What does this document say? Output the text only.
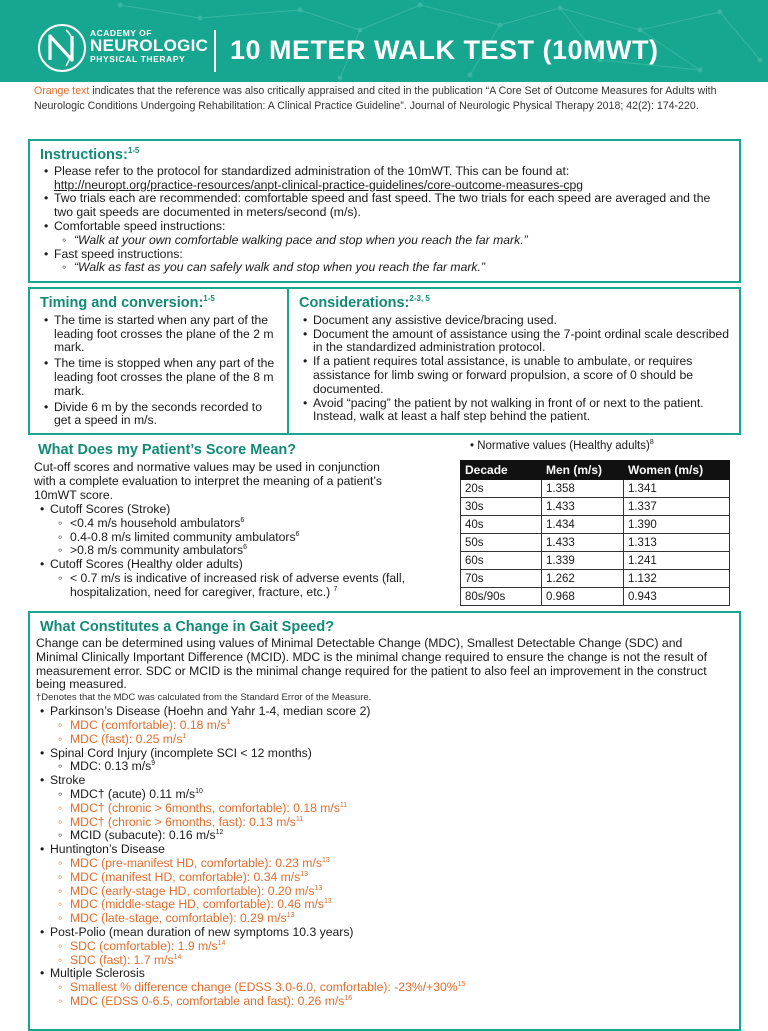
ACADEMY OF
NEUROLOGIC
PHYSICAL THERAPY	10 METER WALK TEST (10MWT)
Orange text indicates that the reference was also critically appraised and cited in the publication “A Core Set of Outcome Measures for Adults with Neurologic Conditions Undergoing Rehabilitation: A Clinical Practice Guideline”. Journal of Neurologic Physical Therapy 2018; 42(2): 174-220.
Instructions:$^{1-5}$
• Please refer to the protocol for standardized administration of the 10mWT. This can be found at:
http://neuropt.org/practice-resources/anpt-clinical-practice-guidelines/core-outcome-measures-cpg
• Two trials each are recommended: comfortable speed and fast speed. The two trials for each speed are averaged and the two gait speeds are documented in meters/second (m/s).
• Comfortable speed instructions:
◦ “Walk at your own comfortable walking pace and stop when you reach the far mark.”
• Fast speed instructions:
◦ “Walk as fast as you can safely walk and stop when you reach the far mark.”
Timing and conversion:$^{1-5}$
• The time is started when any part of the leading foot crosses the plane of the 2 m mark.
• The time is stopped when any part of the leading foot crosses the plane of the 8 m mark.
• Divide 6 m by the seconds recorded to get a speed in m/s.
Considerations:$^{2-3, 5}$
• Document any assistive device/bracing used.
• Document the amount of assistance using the 7-point ordinal scale described in the standardized administration protocol.
• If a patient requires total assistance, is unable to ambulate, or requires assistance for limb swing or forward propulsion, a score of 0 should be documented.
• Avoid “pacing” the patient by not walking in front of or next to the patient. Instead, walk at least a half step behind the patient.
What Does my Patient’s Score Mean?
Cut-off scores and normative values may be used in conjunction with a complete evaluation to interpret the meaning of a patient’s 10mWT score.
• Cutoff Scores (Stroke)
◦ <0.4 m/s household ambulators$^6$
◦ 0.4-0.8 m/s limited community ambulators$^6$
◦ >0.8 m/s community ambulators$^6$
• Cutoff Scores (Healthy older adults)
◦ < 0.7 m/s is indicative of increased risk of adverse events (fall, hospitalization, need for caregiver, fracture, etc.) $^7$
• Normative values (Healthy adults)$^8$
Decade	Men (m/s)	Women (m/s)
20s	1.358	1.341
30s	1.433	1.337
40s	1.434	1.390
50s	1.433	1.313
60s	1.339	1.241
70s	1.262	1.132
80s/90s	0.968	0.943
What Constitutes a Change in Gait Speed?
Change can be determined using values of Minimal Detectable Change (MDC), Smallest Detectable Change (SDC) and Minimal Clinically Important Difference (MCID). MDC is the minimal change required to ensure the change is not the result of measurement error. SDC or MCID is the minimal change required for the patient to also feel an improvement in the construct being measured.
†Denotes that the MDC was calculated from the Standard Error of the Measure.
• Parkinson’s Disease (Hoehn and Yahr 1-4, median score 2)
◦ MDC (comfortable): 0.18 $m/s^1$
◦ MDC (fast): 0.25 $m/s^1$
• Spinal Cord Injury (incomplete SCI < 12 months)
◦ MDC: 0.13 $m/s^9$
• Stroke
◦ MDC† (acute) 0.11 $m/s^{10}$
◦ MDC† (chronic > 6months, comfortable): 0.18 $m/s^{11}$
◦ MDC† (chronic > 6months, fast): 0.13 $m/s^{11}$
◦ MCID (subacute): 0.16 $m/s^{12}$
• Huntington’s Disease
◦ MDC (pre-manifest HD, comfortable): 0.23 $m/s^{13}$
◦ MDC (manifest HD, comfortable): 0.34 $m/s^{13}$
◦ MDC (early-stage HD, comfortable): 0.20 $m/s^{13}$
◦ MDC (middle-stage HD, comfortable): 0.46 $m/s^{13}$
◦ MDC (late-stage, comfortable): 0.29 $m/s^{13}$
• Post-Polio (mean duration of new symptoms 10.3 years)
◦ SDC (comfortable): 1.9 $m/s^{14}$
◦ SDC (fast): 1.7 $m/s^{14}$
• Multiple Sclerosis
◦ Smallest % difference change (EDSS 3.0-6.0, comfortable): -23%/+30%$^{15}$
◦ MDC (EDSS 0-6.5, comfortable and fast): 0.26 $m/s^{16}$
